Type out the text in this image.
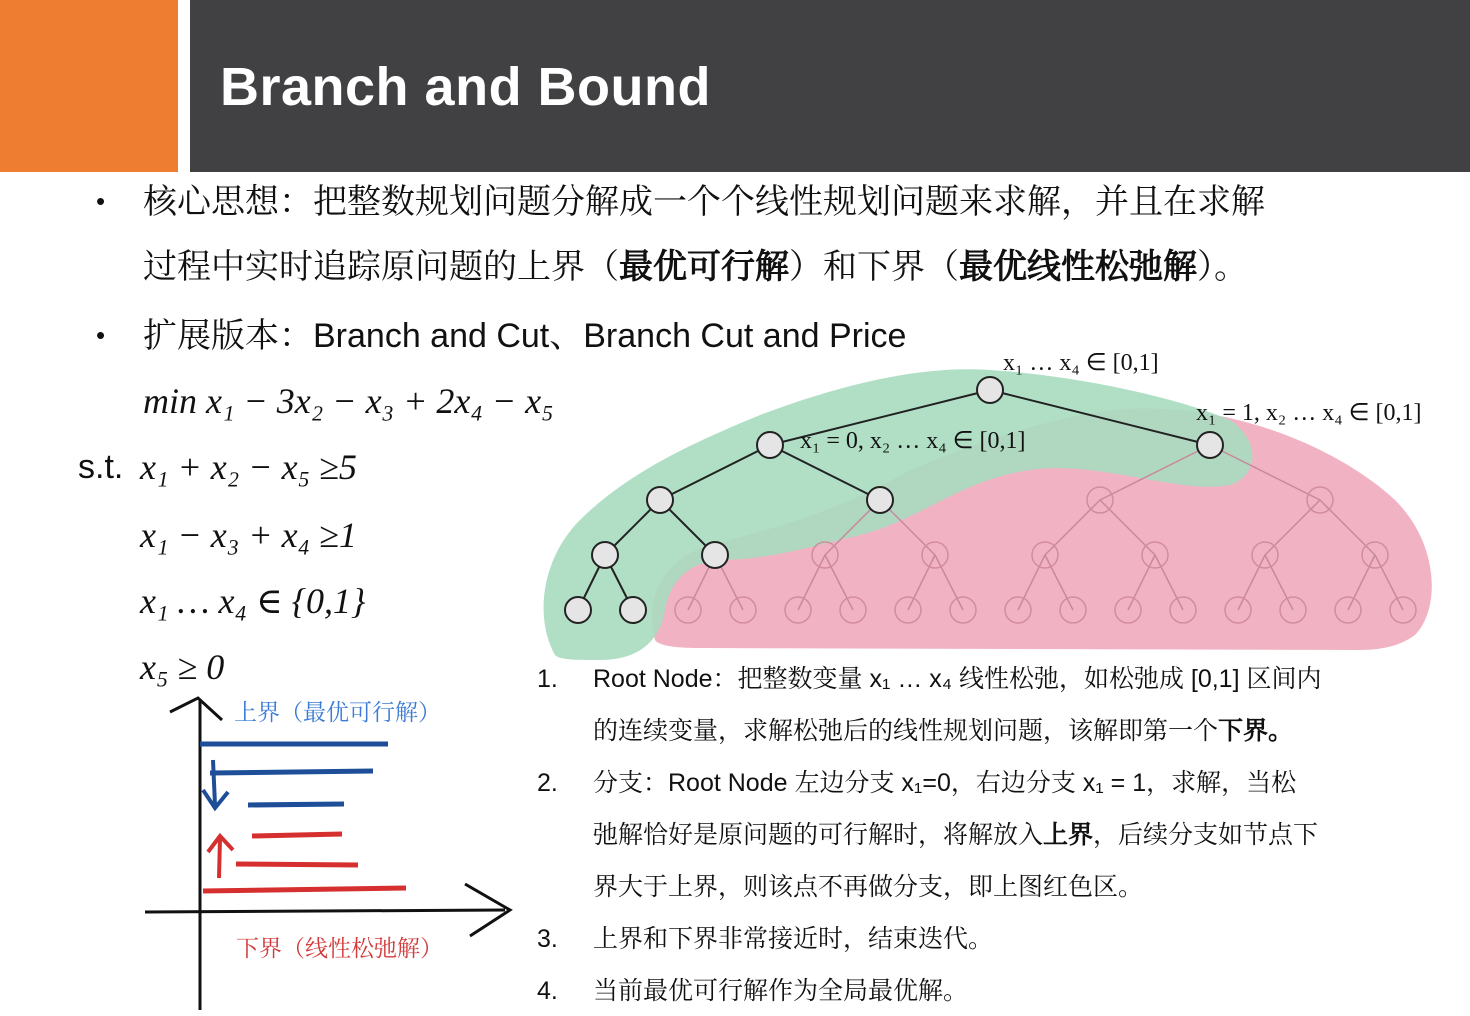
Branch and Bound
• 核心思想：把整数规划问题分解成一个个线性规划问题来求解，并且在求解
过程中实时追踪原问题的上界（最优可行解）和下界（最优线性松弛解）。
• 扩展版本：Branch and Cut、Branch Cut and Price
min x₁ − 3x₂ − x₃ + 2x₄ − x₅
s.t. x₁ + x₂ − x₅ ≥5
x₁ − x₃ + x₄ ≥1
x₁ … x₄ ∈ {0,1}
x₅ ≥ 0
x₁ … x₄ ∈ [0,1]
x₁ = 0, x₂ … x₄ ∈ [0,1]
x₁ = 1, x₂ … x₄ ∈ [0,1]
上界（最优可行解）
下界（线性松弛解）
1. Root Node：把整数变量 x₁ … x₄ 线性松弛，如松弛成 [0,1] 区间内
的连续变量，求解松弛后的线性规划问题，该解即第一个下界。
2. 分支：Root Node 左边分支 x₁=0，右边分支 x₁ = 1，求解，当松
弛解恰好是原问题的可行解时，将解放入上界，后续分支如节点下
界大于上界，则该点不再做分支，即上图红色区。
3. 上界和下界非常接近时，结束迭代。
4. 当前最优可行解作为全局最优解。
